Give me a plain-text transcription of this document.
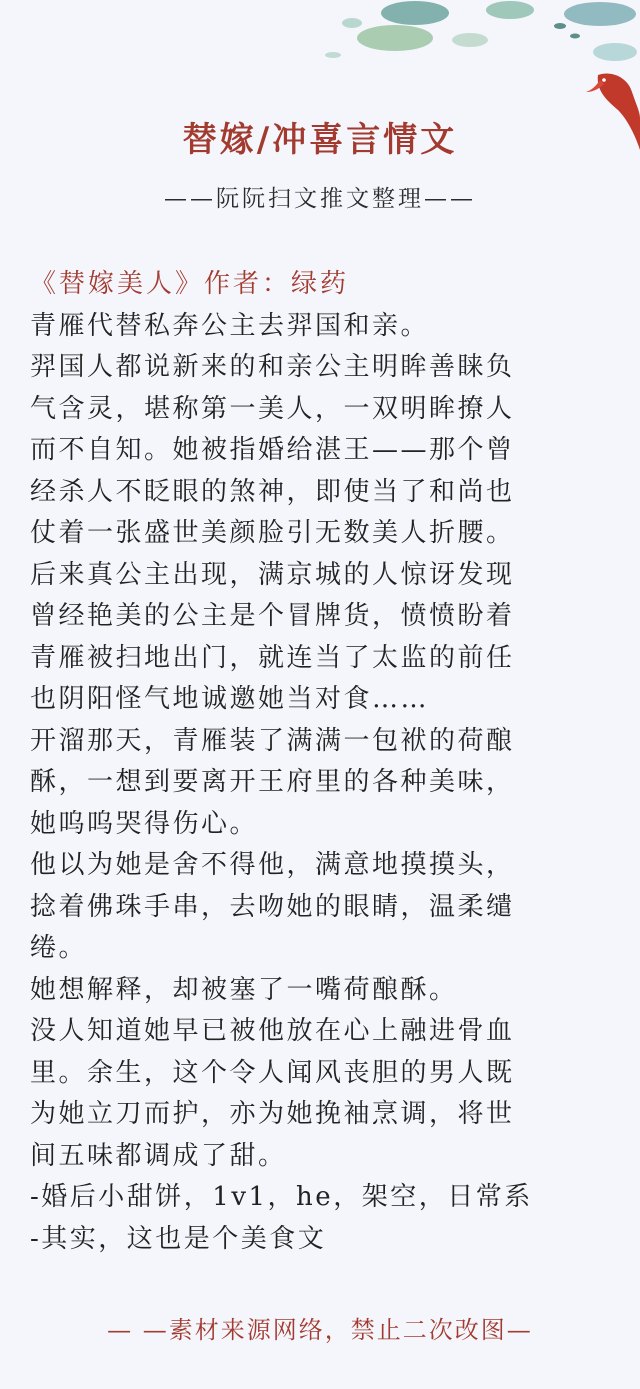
替嫁/冲喜言情文
——阮阮扫文推文整理——
《替嫁美人》作者：绿药
青雁代替私奔公主去羿国和亲。
羿国人都说新来的和亲公主明眸善睐负
气含灵，堪称第一美人，一双明眸撩人
而不自知。她被指婚给湛王——那个曾
经杀人不眨眼的煞神，即使当了和尚也
仗着一张盛世美颜脸引无数美人折腰。
后来真公主出现，满京城的人惊讶发现
曾经艳美的公主是个冒牌货，愤愤盼着
青雁被扫地出门，就连当了太监的前任
也阴阳怪气地诚邀她当对食……
开溜那天，青雁装了满满一包袱的荷酿
酥，一想到要离开王府里的各种美味，
她呜呜哭得伤心。
他以为她是舍不得他，满意地摸摸头，
捻着佛珠手串，去吻她的眼睛，温柔缱
绻。
她想解释，却被塞了一嘴荷酿酥。
没人知道她早已被他放在心上融进骨血
里。余生，这个令人闻风丧胆的男人既
为她立刀而护，亦为她挽袖烹调，将世
间五味都调成了甜。
-婚后小甜饼，1v1，he，架空，日常系
-其实，这也是个美食文
— —素材来源网络，禁止二次改图—
